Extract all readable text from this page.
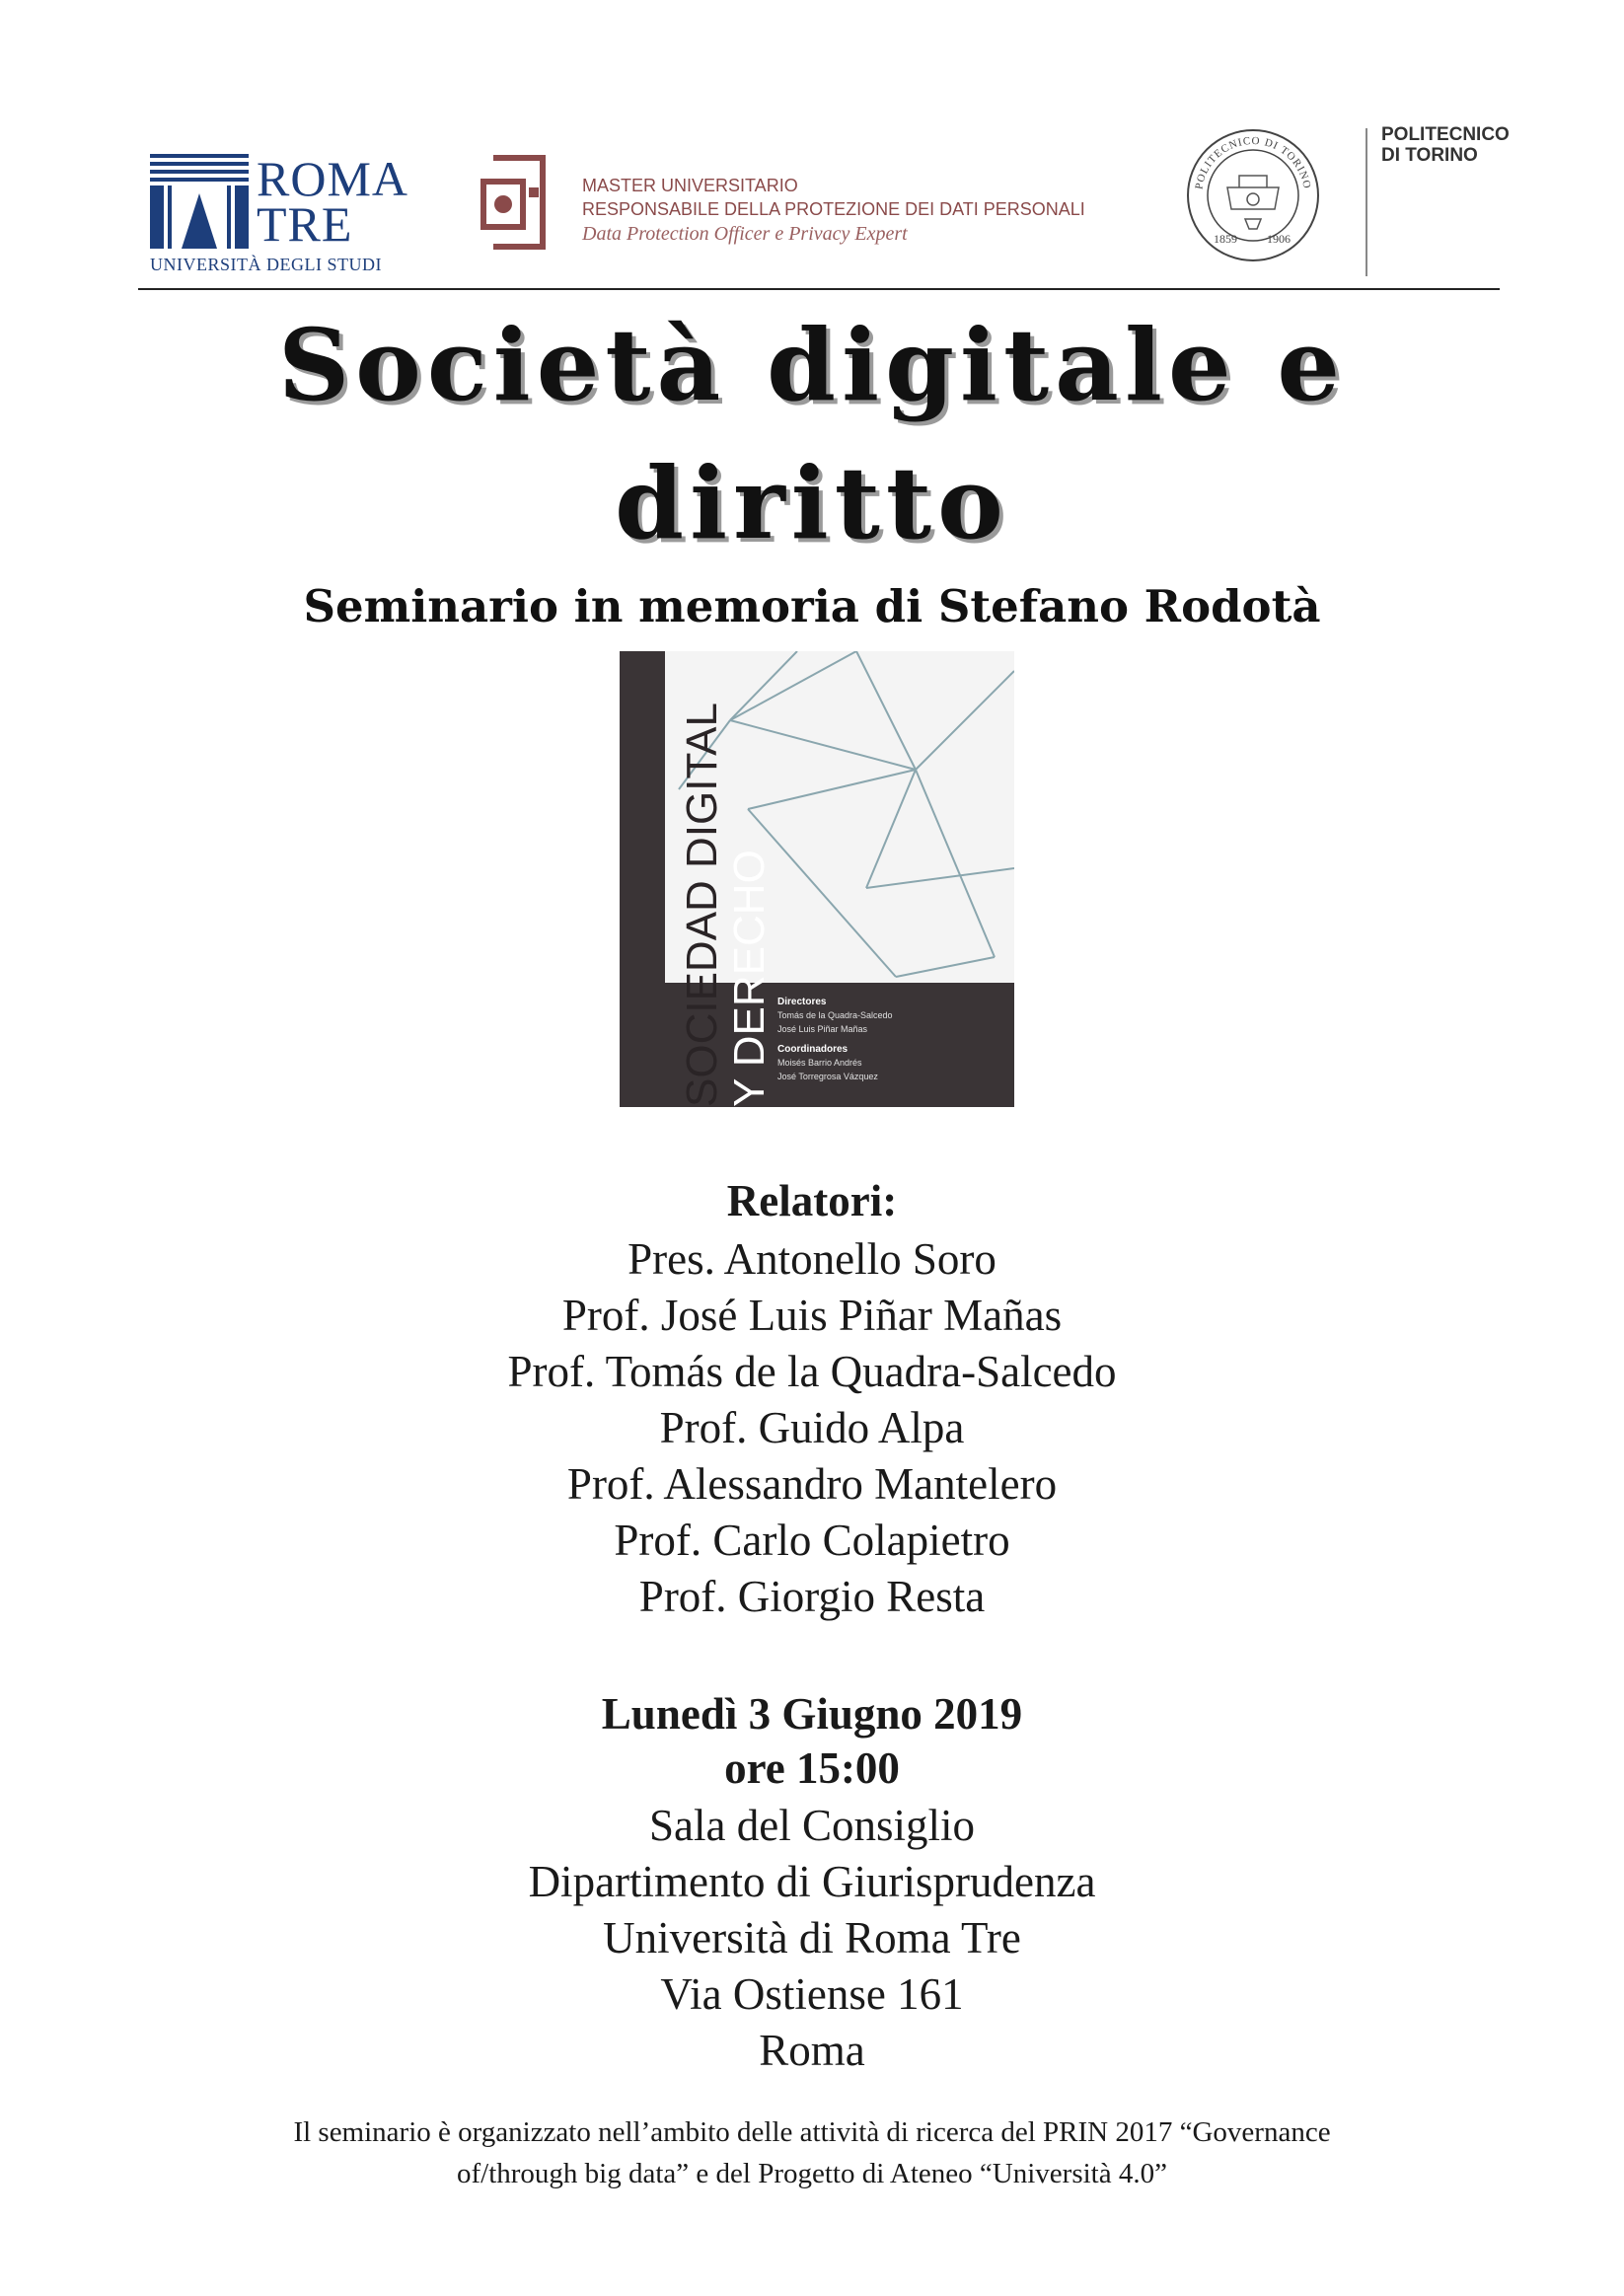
ROMA
TRE
UNIVERSITÀ DEGLI STUDI
MASTER UNIVERSITARIO
RESPONSABILE DELLA PROTEZIONE DEI DATI PERSONALI
Data Protection Officer e Privacy Expert
POLITECNICO DI TORINO
1859	1906
POLITECNICO
DI TORINO
Società digitale e
diritto
Seminario in memoria di Stefano Rodotà
SOCIEDAD DIGITAL Y DERECHO Directores
Tomás de la Quadra-Salcedo
José Luis Piñar Mañas
Coordinadores
Moisés Barrio Andrés
José Torregrosa Vázquez
Relatori:
Pres. Antonello Soro
Prof. José Luis Piñar Mañas
Prof. Tomás de la Quadra-Salcedo
Prof. Guido Alpa
Prof. Alessandro Mantelero
Prof. Carlo Colapietro
Prof. Giorgio Resta
Lunedì 3 Giugno 2019
ore 15:00
Sala del Consiglio
Dipartimento di Giurisprudenza
Università di Roma Tre
Via Ostiense 161
Roma
Il seminario è organizzato nell’ambito delle attività di ricerca del PRIN 2017 “Governance
of/through big data” e del Progetto di Ateneo “Università 4.0”
